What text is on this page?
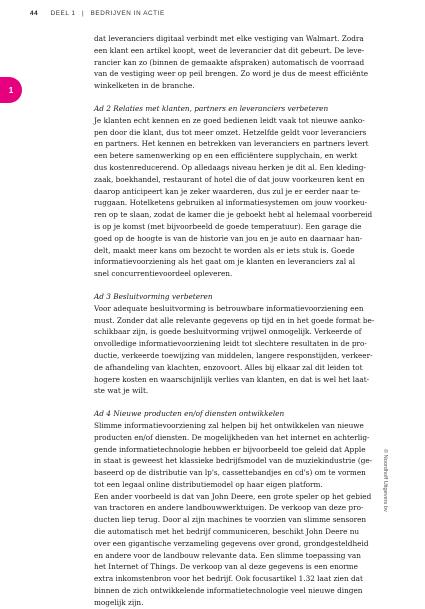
44 DEEL 1 | BEDRIJVEN IN ACTIE
1

dat leveranciers digitaal verbindt met elke vestiging van Walmart. Zodra
een klant een artikel koopt, weet de leverancier dat dit gebeurt. De leve-
rancier kan zo (binnen de gemaakte afspraken) automatisch de voorraad
van de vestiging weer op peil brengen. Zo word je dus de meest efficiënte
winkelketen in de branche.

Ad 2 Relaties met klanten, partners en leveranciers verbeteren

Je klanten echt kennen en ze goed bedienen leidt vaak tot nieuwe aanko-
pen door die klant, dus tot meer omzet. Hetzelfde geldt voor leveranciers
en partners. Het kennen en betrekken van leveranciers en partners levert
een betere samenwerking op en een efficiëntere supplychain, en werkt
dus kostenreducerend. Op alledaags niveau herken je dit al. Een kleding-
zaak, boekhandel, restaurant of hotel die of dat jouw voorkeuren kent en
daarop anticipeert kan je zeker waarderen, dus zul je er eerder naar te-
ruggaan. Hotelketens gebruiken al informatiesystemen om jouw voorkeu-
ren op te slaan, zodat de kamer die je geboekt hebt al helemaal voorbereid
is op je komst (met bijvoorbeeld de goede temperatuur). Een garage die
goed op de hoogte is van de historie van jou en je auto en daarnaar han-
delt, maakt meer kans om bezocht te worden als er iets stuk is. Goede
informatievoorziening als het gaat om je klanten en leveranciers zal al
snel concurrentievoordeel opleveren.

Ad 3 Besluitvorming verbeteren

Voor adequate besluitvorming is betrouwbare informatievoorziening een
must. Zonder dat alle relevante gegevens op tijd en in het goede format be-
schikbaar zijn, is goede besluitvorming vrijwel onmogelijk. Verkeerde of
onvolledige informatievoorziening leidt tot slechtere resultaten in de pro-
ductie, verkeerde toewijzing van middelen, langere responstijden, verkeer-
de afhandeling van klachten, enzovoort. Alles bij elkaar zal dit leiden tot
hogere kosten en waarschijnlijk verlies van klanten, en dat is wel het laat-
ste wat je wilt.

Ad 4 Nieuwe producten en/of diensten ontwikkelen

Slimme informatievoorziening zal helpen bij het ontwikkelen van nieuwe
producten en/of diensten. De mogelijkheden van het internet en achterlig-
gende informatietechnologie hebben er bijvoorbeeld toe geleid dat Apple
in staat is geweest het klassieke bedrijfsmodel van de muziekindustrie (ge-
baseerd op de distributie van lp's, cassettebandjes en cd's) om te vormen
tot een legaal online distributiemodel op haar eigen platform.
Een ander voorbeeld is dat van John Deere, een grote speler op het gebied
van tractoren en andere landbouwwerktuigen. De verkoop van deze pro-
ducten liep terug. Door al zijn machines te voorzien van slimme sensoren
die automatisch met het bedrijf communiceren, beschikt John Deere nu
over een gigantische verzameling gegevens over grond, grondgesteldheid
en andere voor de landbouw relevante data. Een slimme toepassing van
het Internet of Things. De verkoop van al deze gegevens is een enorme
extra inkomstenbron voor het bedrijf. Ook focusartikel 1.32 laat zien dat
binnen de zich ontwikkelende informatietechnologie veel nieuwe dingen
mogelijk zijn.

© Noordhoff Uitgevers bv
